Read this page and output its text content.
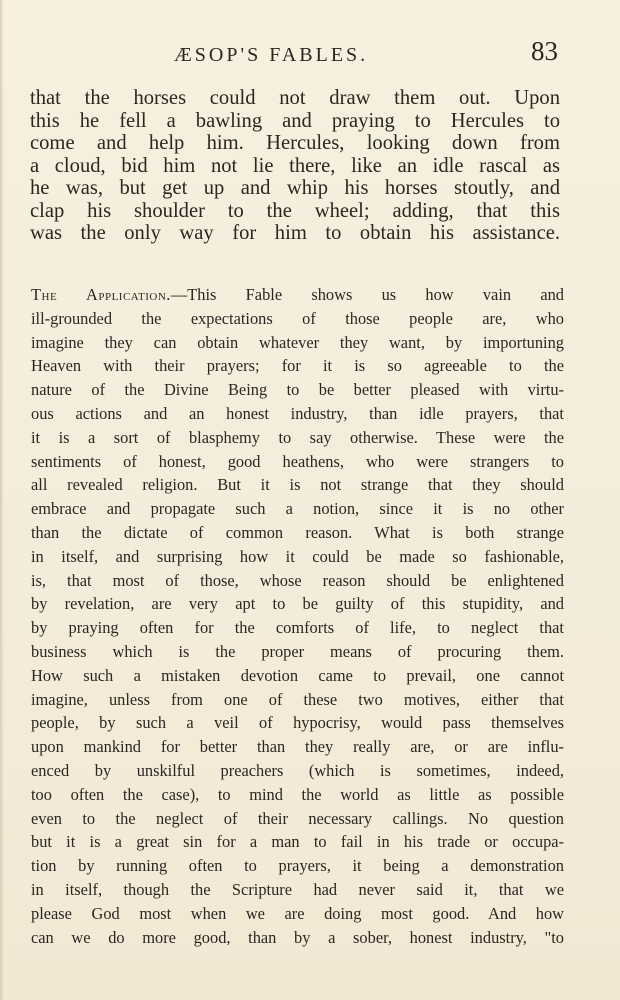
ÆSOP'S FABLES.	83
that the horses could not draw them out. Upon
this he fell a bawling and praying to Hercules to
come and help him. Hercules, looking down from
a cloud, bid him not lie there, like an idle rascal as
he was, but get up and whip his horses stoutly, and
clap his shoulder to the wheel; adding, that this
was the only way for him to obtain his assistance.
The Application.—This Fable shows us how vain and
ill-grounded the expectations of those people are, who
imagine they can obtain whatever they want, by importuning
Heaven with their prayers; for it is so agreeable to the
nature of the Divine Being to be better pleased with virtu-
ous actions and an honest industry, than idle prayers, that
it is a sort of blasphemy to say otherwise. These were the
sentiments of honest, good heathens, who were strangers to
all revealed religion. But it is not strange that they should
embrace and propagate such a notion, since it is no other
than the dictate of common reason. What is both strange
in itself, and surprising how it could be made so fashionable,
is, that most of those, whose reason should be enlightened
by revelation, are very apt to be guilty of this stupidity, and
by praying often for the comforts of life, to neglect that
business which is the proper means of procuring them.
How such a mistaken devotion came to prevail, one cannot
imagine, unless from one of these two motives, either that
people, by such a veil of hypocrisy, would pass themselves
upon mankind for better than they really are, or are influ-
enced by unskilful preachers (which is sometimes, indeed,
too often the case), to mind the world as little as possible
even to the neglect of their necessary callings. No question
but it is a great sin for a man to fail in his trade or occupa-
tion by running often to prayers, it being a demonstration
in itself, though the Scripture had never said it, that we
please God most when we are doing most good. And how
can we do more good, than by a sober, honest industry, "to
